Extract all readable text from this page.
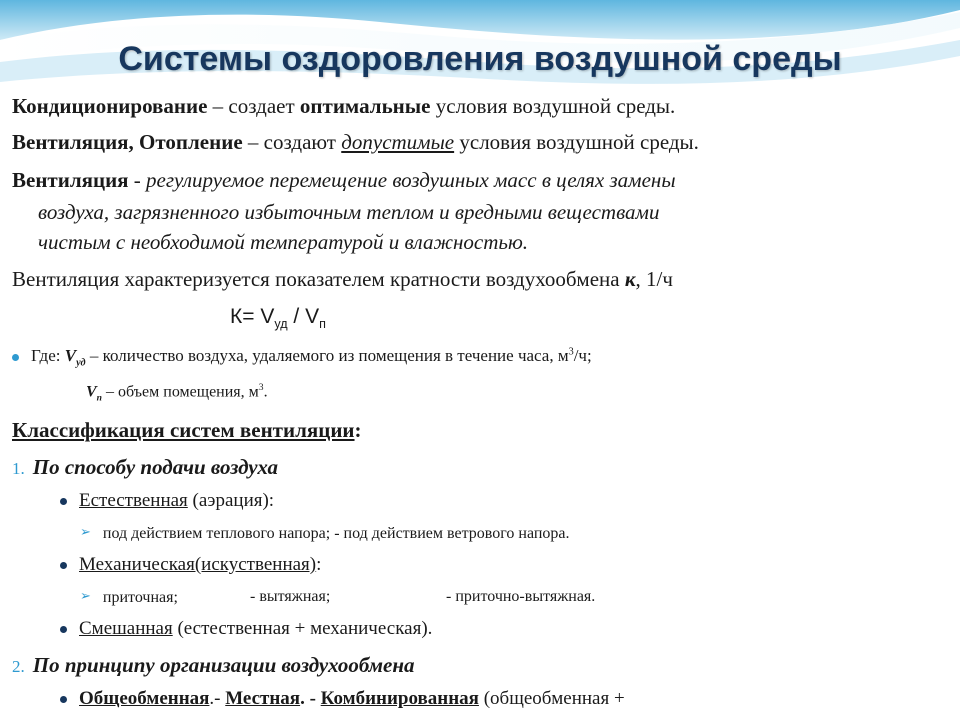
Системы оздоровления воздушной среды
Кондиционирование – создает оптимальные условия воздушной среды.
Вентиляция, Отопление – создают допустимые условия воздушной среды.
Вентиляция - регулируемое перемещение воздушных масс в целях замены
воздуха, загрязненного избыточным теплом и вредными веществами
чистым с необходимой температурой и влажностью.
Вентиляция характеризуется показателем кратности воздухообмена к, 1/ч
$К= V_{уд} / V_п$
Где: $V_{уд}$ – количество воздуха, удаляемого из помещения в течение часа, $м^3/ч$;
$V_п$ – объем помещения, $м^3$.
Классификация систем вентиляции:
1. По способу подачи воздуха
Естественная (аэрация):
➢ под действием теплового напора; - под действием ветрового напора.
Механическая(искуственная):
➢ приточная;	- вытяжная;	- приточно-вытяжная.
Смешанная (естественная + механическая).
2. По принципу организации воздухообмена
Общеобменная.- Местная. - Комбинированная (общеобменная +
